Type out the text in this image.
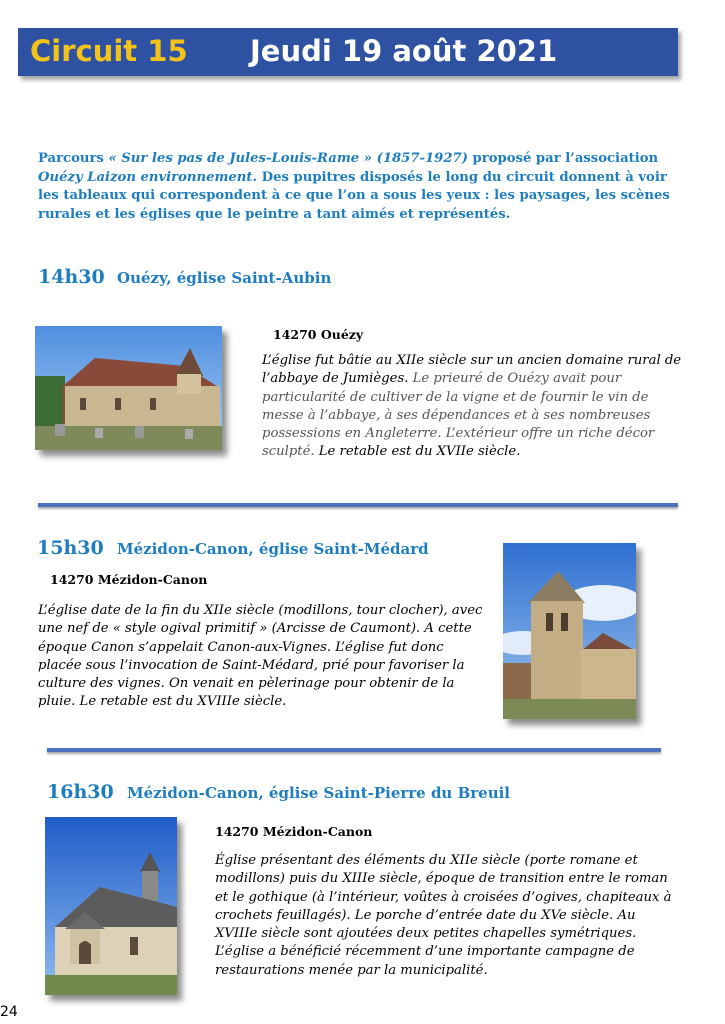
Circuit 15 Jeudi 19 août 2021

Parcours « Sur les pas de Jules-Louis-Rame » (1857-1927) proposé par l’association Ouézy Laizon environnement. Des pupitres disposés le long du circuit donnent à voir les tableaux qui correspondent à ce que l’on a sous les yeux : les paysages, les scènes rurales et les églises que le peintre a tant aimés et représentés.

14h30 Ouézy, église Saint-Aubin
14270 Ouézy

L’église fut bâtie au XIIe siècle sur un ancien domaine rural de l’abbaye de Jumièges. Le prieuré de Ouézy avait pour particularité de cultiver de la vigne et de fournir le vin de messe à l’abbaye, à ses dépendances et à ses nombreuses possessions en Angleterre. L’extérieur offre un riche décor sculpté. Le retable est du XVIIe siècle.

15h30 Mézidon-Canon, église Saint-Médard
14270 Mézidon-Canon

L’église date de la fin du XIIe siècle (modillons, tour clocher), avec une nef de « style ogival primitif » (Arcisse de Caumont). A cette époque Canon s’appelait Canon-aux-Vignes. L’église fut donc placée sous l’invocation de Saint-Médard, prié pour favoriser la culture des vignes. On venait en pèlerinage pour obtenir de la pluie. Le retable est du XVIIIe siècle.

16h30 Mézidon-Canon, église Saint-Pierre du Breuil
14270 Mézidon-Canon

Église présentant des éléments du XIIe siècle (porte romane et modillons) puis du XIIIe siècle, époque de transition entre le roman et le gothique (à l’intérieur, voûtes à croisées d’ogives, chapiteaux à crochets feuillagés). Le porche d’entrée date du XVe siècle. Au XVIIIe siècle sont ajoutées deux petites chapelles symétriques. L’église a bénéficié récemment d’une importante campagne de restaurations menée par la municipalité.

24
